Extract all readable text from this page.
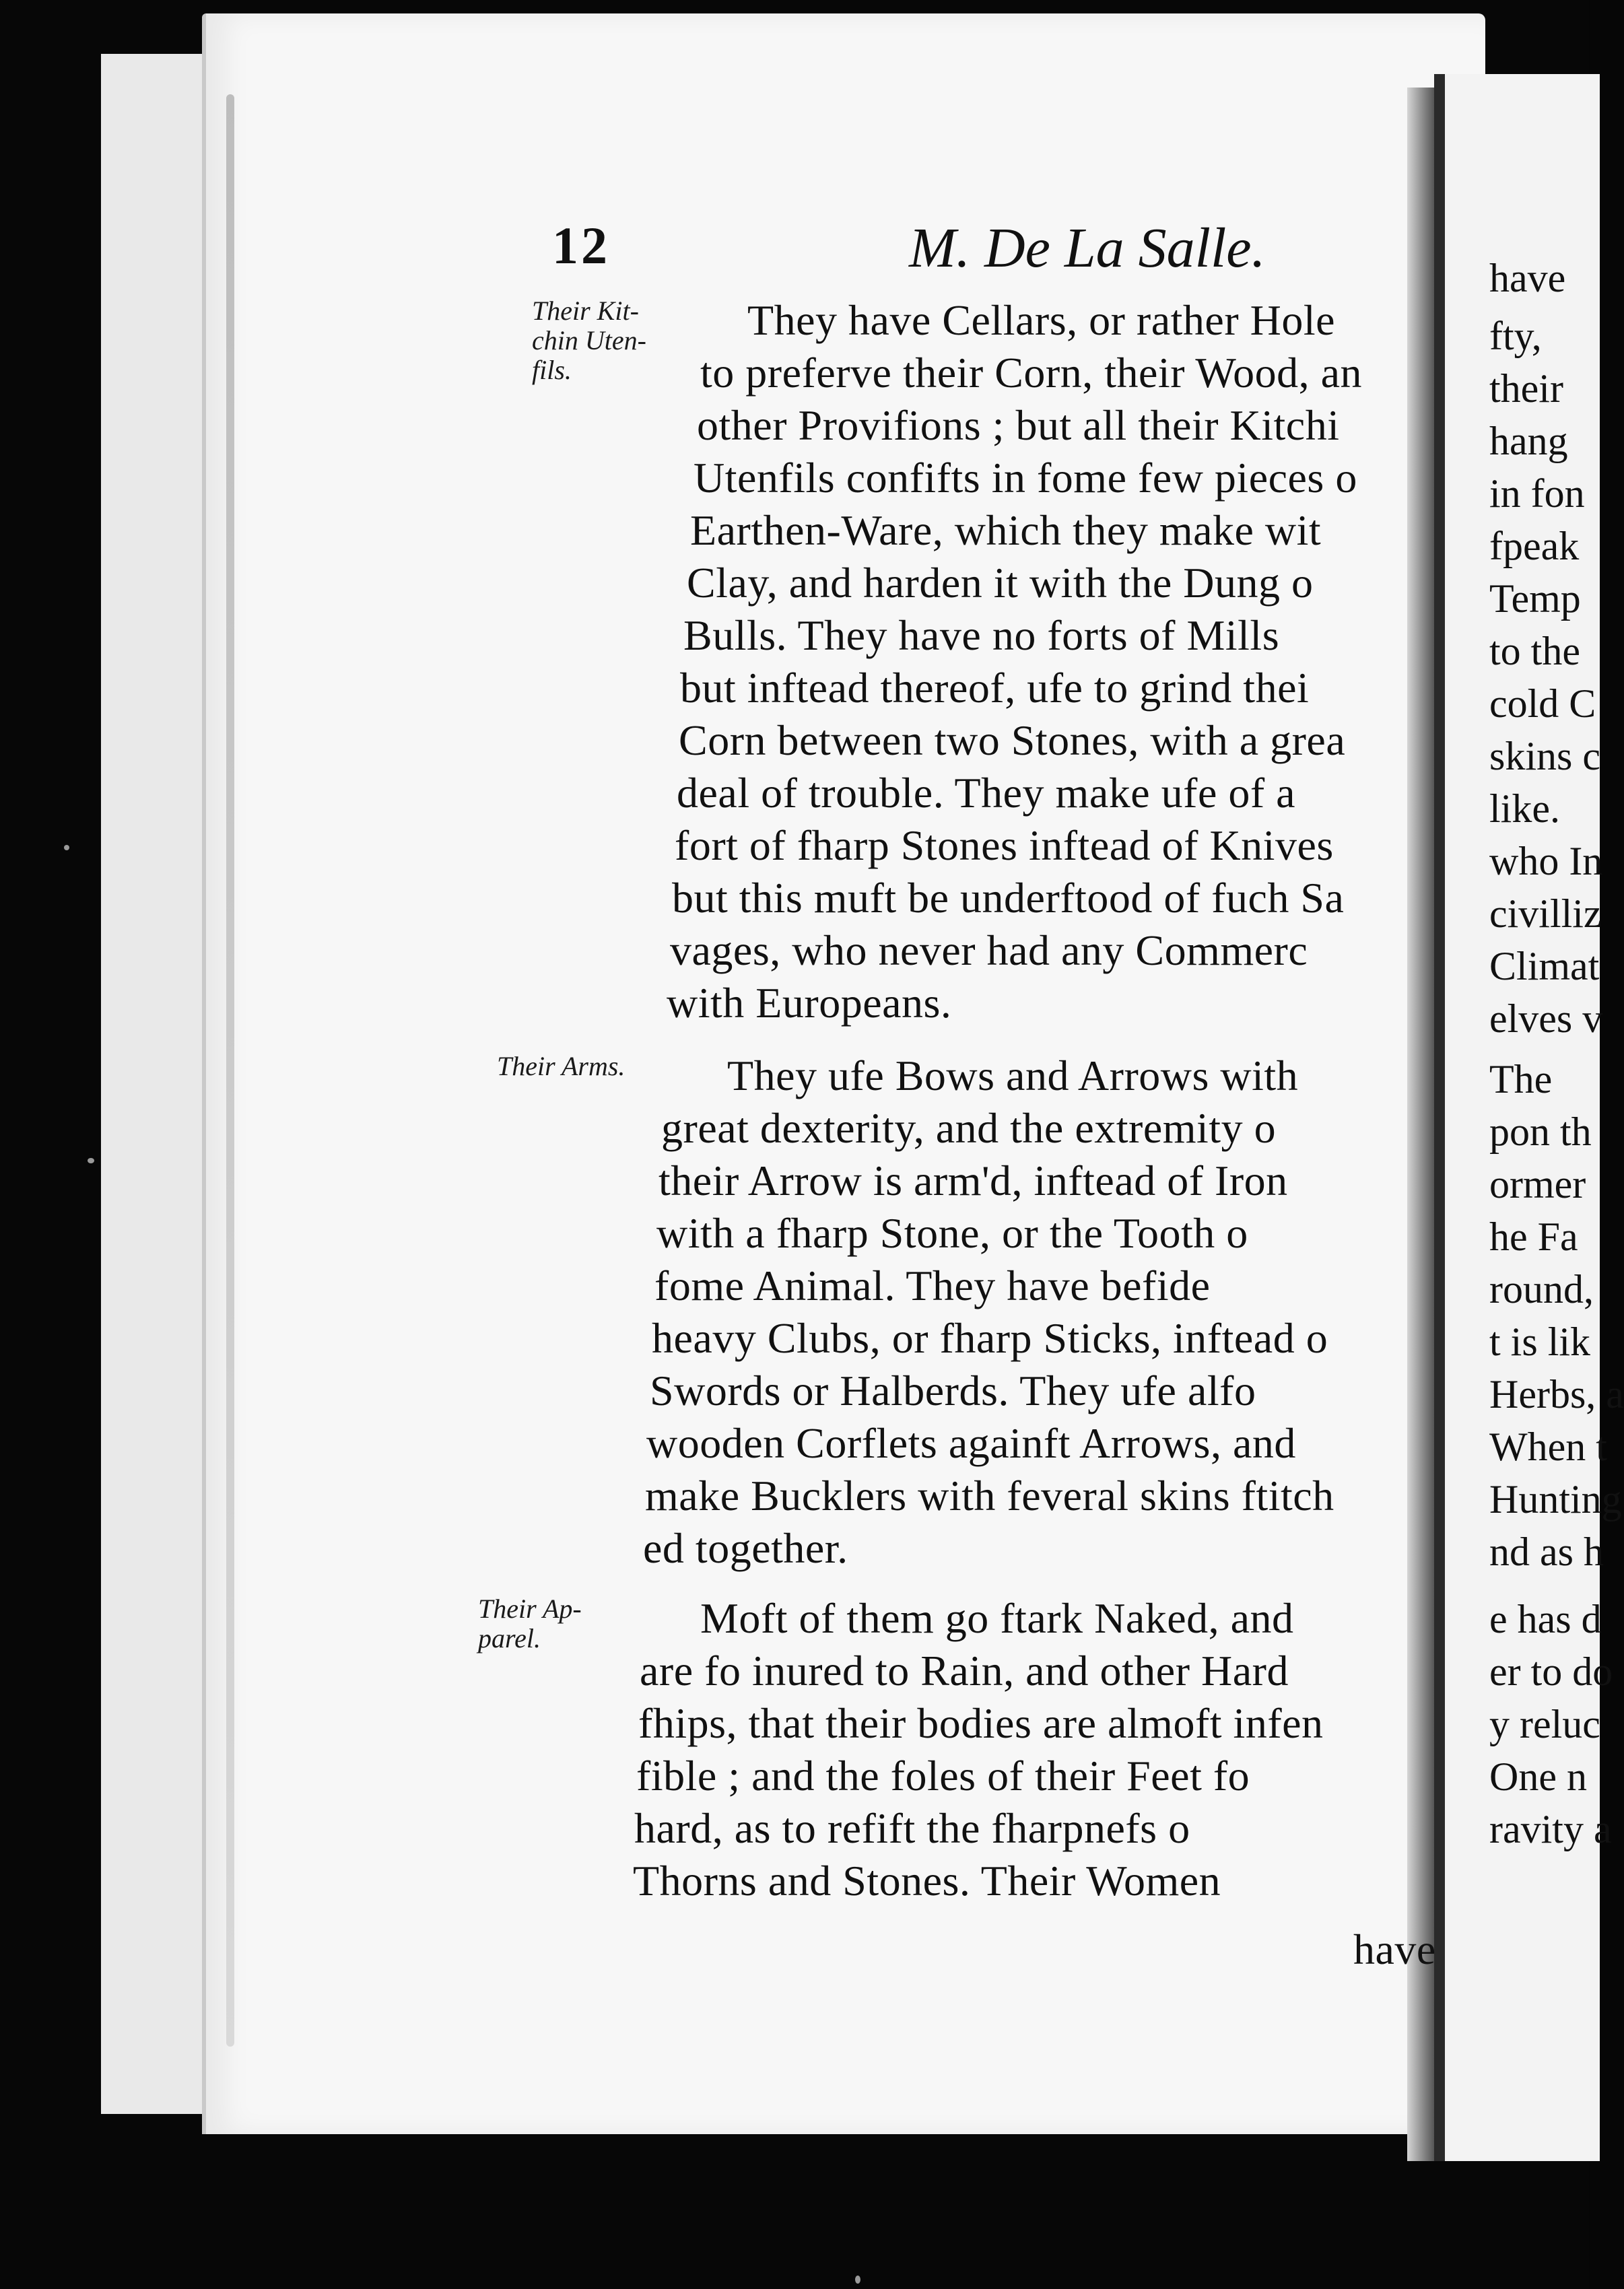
12	M. De La Salle.
Their Kit-
chin Uten-
fils.
Their Arms.
Their Ap-
parel.
They have Cellars, or rather Hole
to preferve their Corn, their Wood, an
other Provifions ; but all their Kitchi
Utenfils confifts in fome few pieces o
Earthen-Ware, which they make wit
Clay, and harden it with the Dung o
Bulls. They have no forts of Mills
but inftead thereof, ufe to grind thei
Corn between two Stones, with a grea
deal of trouble. They make ufe of a
fort of fharp Stones inftead of Knives
but this muft be underftood of fuch Sa
vages, who never had any Commerc
with Europeans.
They ufe Bows and Arrows with
great dexterity, and the extremity o
their Arrow is arm'd, inftead of Iron
with a fharp Stone, or the Tooth o
fome Animal. They have befide
heavy Clubs, or fharp Sticks, inftead o
Swords or Halberds. They ufe alfo
wooden Corflets againft Arrows, and
make Bucklers with feveral skins ftitch
ed together.
Moft of them go ftark Naked, and
are fo inured to Rain, and other Hard
fhips, that their bodies are almoft infen
fible ; and the foles of their Feet fo
hard, as to refift the fharpnefs o
Thorns and Stones. Their Women
have
have
fty,
their
hang
in fon
fpeak
Temp
to the
cold C
skins c
like.
who In
civilliz
Climat
elves v
The
pon th
ormer
he Fa
round,
t is lik
Herbs, a
When t
Hunting
nd as h
e has d
er to do
y reluc
One n
ravity a
